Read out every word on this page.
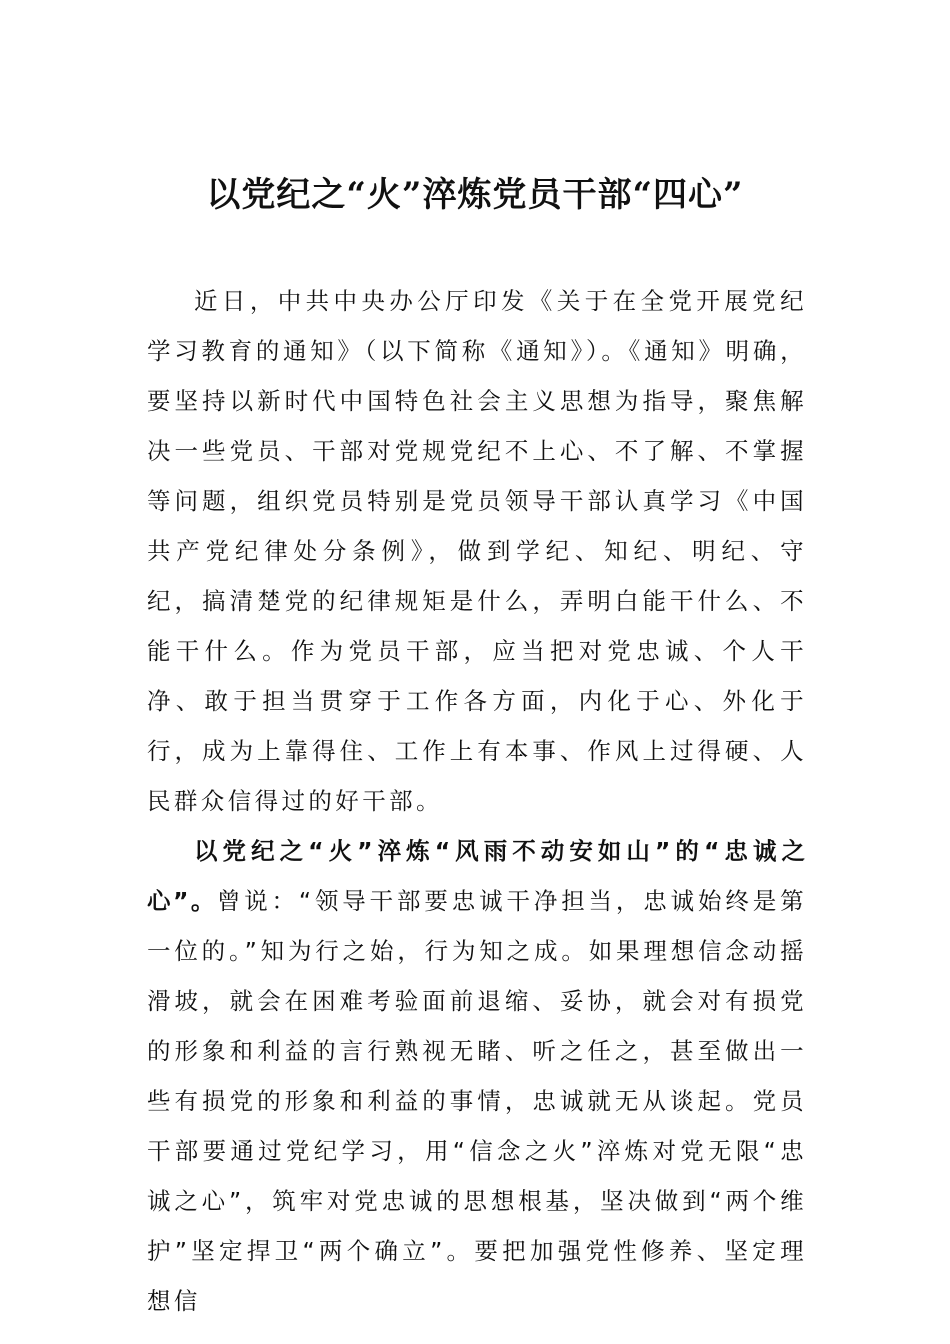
以党纪之“火”淬炼党员干部“四心”

近日，中共中央办公厅印发《关于在全党开展党纪学习教育的通知》（以下简称《通知》）。《通知》明确，要坚持以新时代中国特色社会主义思想为指导，聚焦解决一些党员、干部对党规党纪不上心、不了解、不掌握等问题，组织党员特别是党员领导干部认真学习《中国共产党纪律处分条例》，做到学纪、知纪、明纪、守纪，搞清楚党的纪律规矩是什么，弄明白能干什么、不能干什么。作为党员干部，应当把对党忠诚、个人干净、敢于担当贯穿于工作各方面，内化于心、外化于行，成为上靠得住、工作上有本事、作风上过得硬、人民群众信得过的好干部。

以党纪之“火”淬炼“风雨不动安如山”的“忠诚之心”。曾说：“领导干部要忠诚干净担当，忠诚始终是第一位的。”知为行之始，行为知之成。如果理想信念动摇滑坡，就会在困难考验面前退缩、妥协，就会对有损党的形象和利益的言行熟视无睹、听之任之，甚至做出一些有损党的形象和利益的事情，忠诚就无从谈起。党员干部要通过党纪学习，用“信念之火”淬炼对党无限“忠诚之心”，筑牢对党忠诚的思想根基，坚决做到“两个维护”坚定捍卫“两个确立”。要把加强党性修养、坚定理想信
